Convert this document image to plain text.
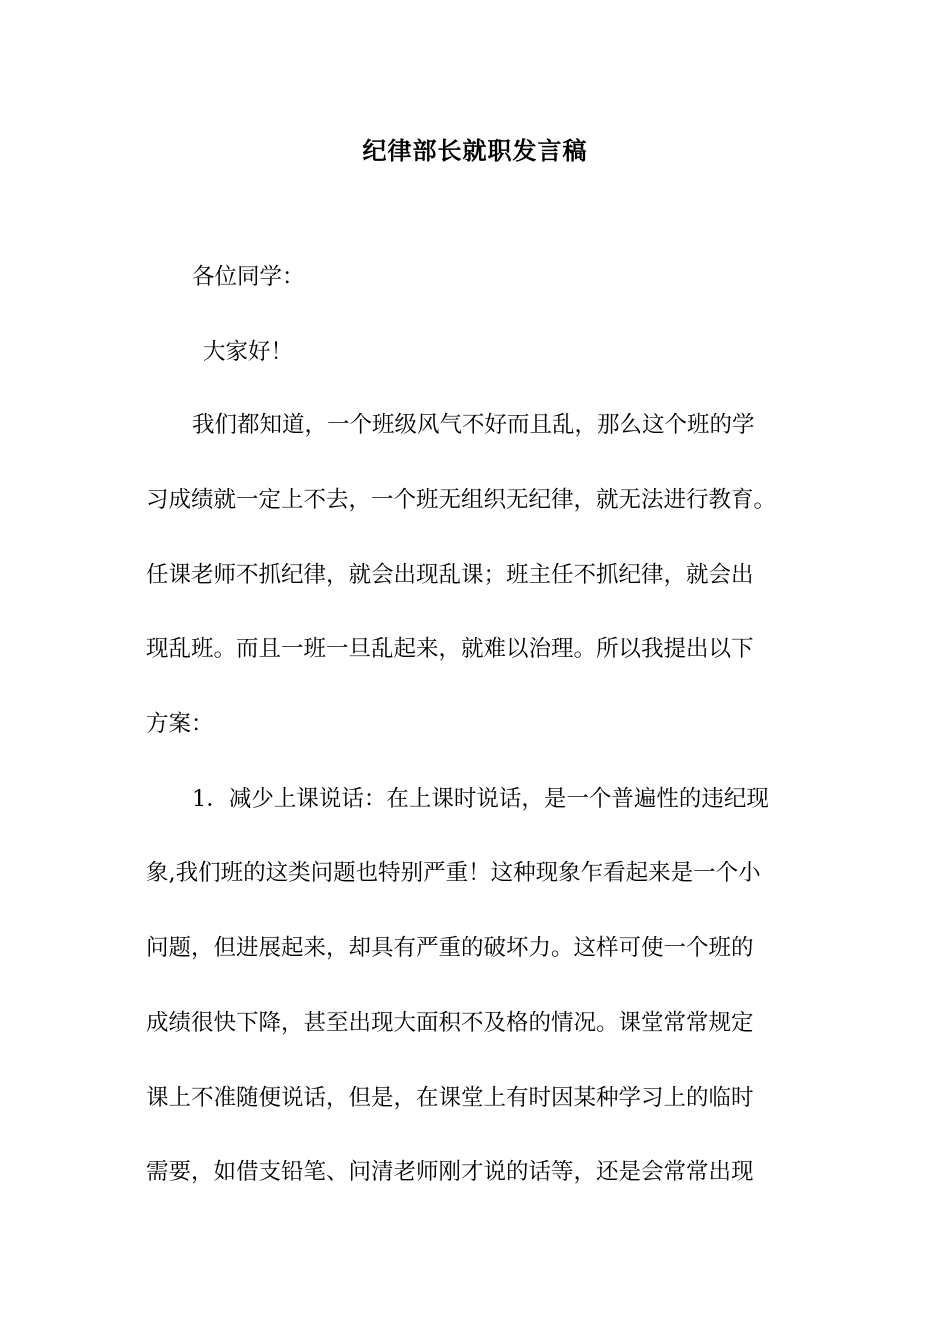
纪律部长就职发言稿
各位同学：
大家好！
我们都知道，一个班级风气不好而且乱，那么这个班的学
习成绩就一定上不去，一个班无组织无纪律，就无法进行教育。
任课老师不抓纪律，就会出现乱课；班主任不抓纪律，就会出
现乱班。而且一班一旦乱起来，就难以治理。所以我提出以下
方案：
1．减少上课说话：在上课时说话，是一个普遍性的违纪现
象,我们班的这类问题也特别严重！这种现象乍看起来是一个小
问题，但进展起来，却具有严重的破坏力。这样可使一个班的
成绩很快下降，甚至出现大面积不及格的情况。课堂常常规定
课上不准随便说话，但是，在课堂上有时因某种学习上的临时
需要，如借支铅笔、问清老师刚才说的话等，还是会常常出现
